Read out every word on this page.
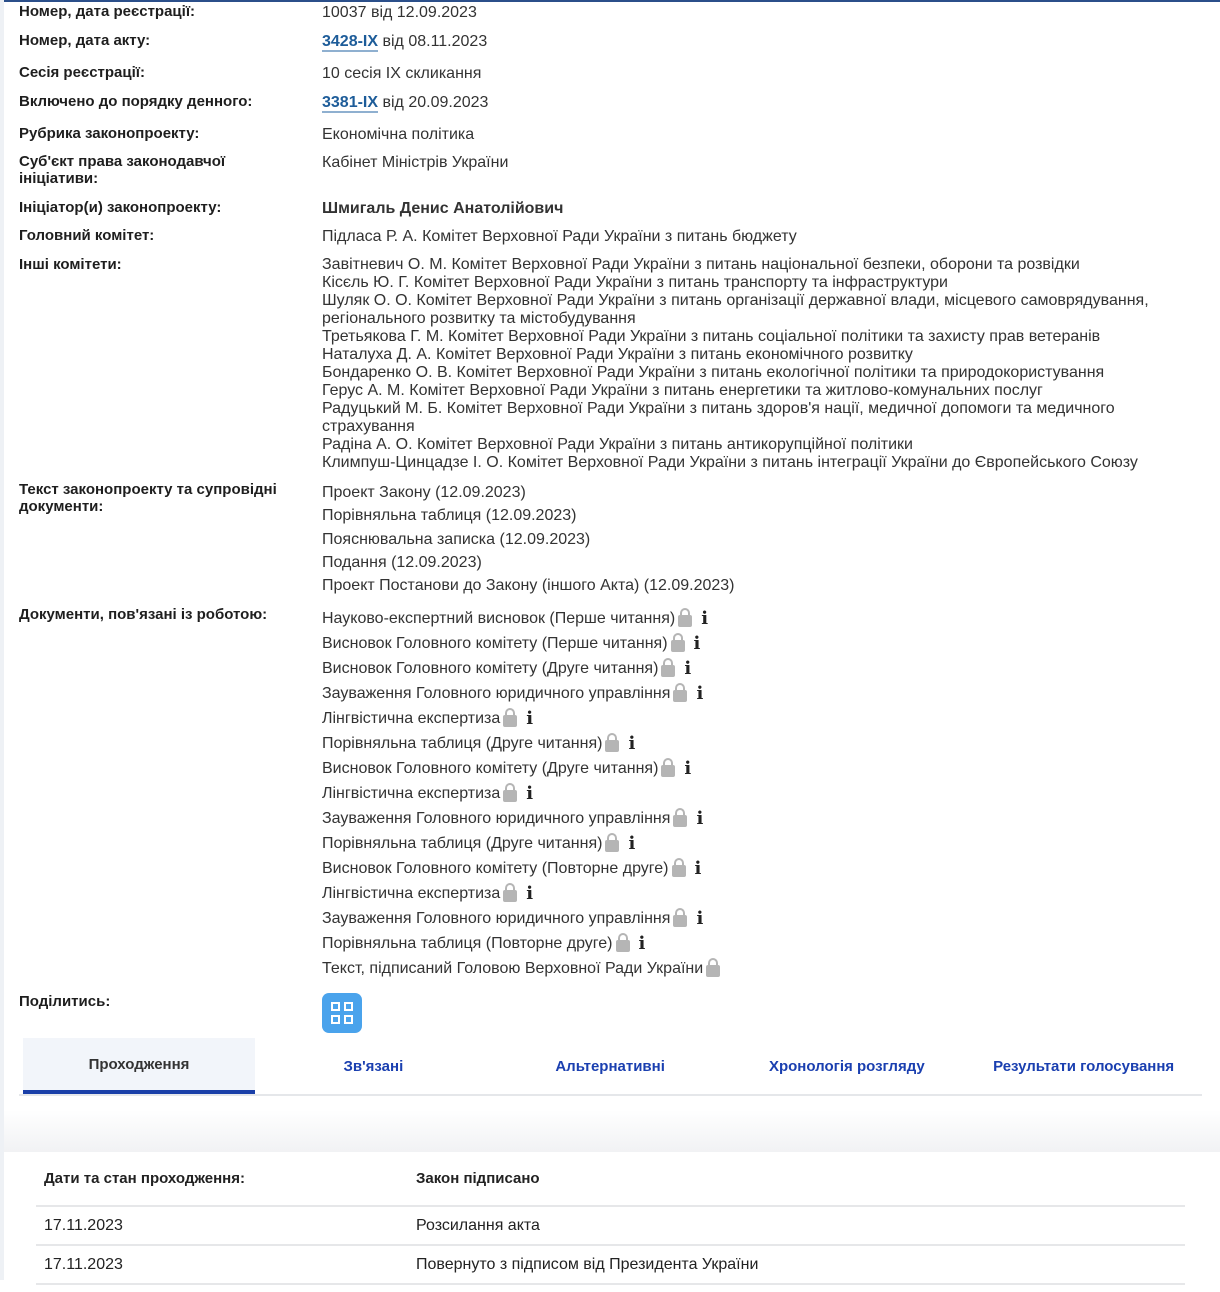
Номер, дата реєстрації:	10037 від 12.09.2023
Номер, дата акту:	3428-IX від 08.11.2023
Сесія реєстрації:	10 сесія IX скликання
Включено до порядку денного:	3381-IX від 20.09.2023
Рубрика законопроекту:	Економічна політика
Суб'єкт права законодавчої ініціативи:
Кабінет Міністрів України
Ініціатор(и) законопроекту:	Шмигаль Денис Анатолійович
Головний комітет:	Підласа Р. А. Комітет Верховної Ради України з питань бюджету
Інші комітети:	Завітневич О. М. Комітет Верховної Ради України з питань національної безпеки, оборони та розвідки
Кісєль Ю. Г. Комітет Верховної Ради України з питань транспорту та інфраструктури
Шуляк О. О. Комітет Верховної Ради України з питань організації державної влади, місцевого самоврядування, регіонального розвитку та містобудування
Третьякова Г. М. Комітет Верховної Ради України з питань соціальної політики та захисту прав ветеранів
Наталуха Д. А. Комітет Верховної Ради України з питань економічного розвитку
Бондаренко О. В. Комітет Верховної Ради України з питань екологічної політики та природокористування
Герус А. М. Комітет Верховної Ради України з питань енергетики та житлово-комунальних послуг
Радуцький М. Б. Комітет Верховної Ради України з питань здоров'я нації, медичної допомоги та медичного страхування
Радіна А. О. Комітет Верховної Ради України з питань антикорупційної політики
Климпуш-Цинцадзе І. О. Комітет Верховної Ради України з питань інтеграції України до Європейського Союзу
Текст законопроекту та супровідні документи:
Проект Закону (12.09.2023)
Порівняльна таблиця (12.09.2023)
Пояснювальна записка (12.09.2023)
Подання (12.09.2023)
Проект Постанови до Закону (іншого Акта) (12.09.2023)
Документи, пов'язані із роботою:	Науково-експертний висновок (Перше читання) i
Висновок Головного комітету (Перше читання) i
Висновок Головного комітету (Друге читання) i
Зауваження Головного юридичного управління i
Лінгвістична експертиза i
Порівняльна таблиця (Друге читання) i
Висновок Головного комітету (Друге читання) i
Лінгвістична експертиза i
Зауваження Головного юридичного управління i
Порівняльна таблиця (Друге читання) i
Висновок Головного комітету (Повторне друге) i
Лінгвістична експертиза i
Зауваження Головного юридичного управління i
Порівняльна таблиця (Повторне друге) i
Текст, підписаний Головою Верховної Ради України
Поділитись:
Проходження	Зв'язані	Альтернативні	Хронологія розгляду	Результати голосування
Дати та стан проходження:	Закон підписано
17.11.2023	Розсилання акта
17.11.2023	Повернуто з підписом від Президента України
